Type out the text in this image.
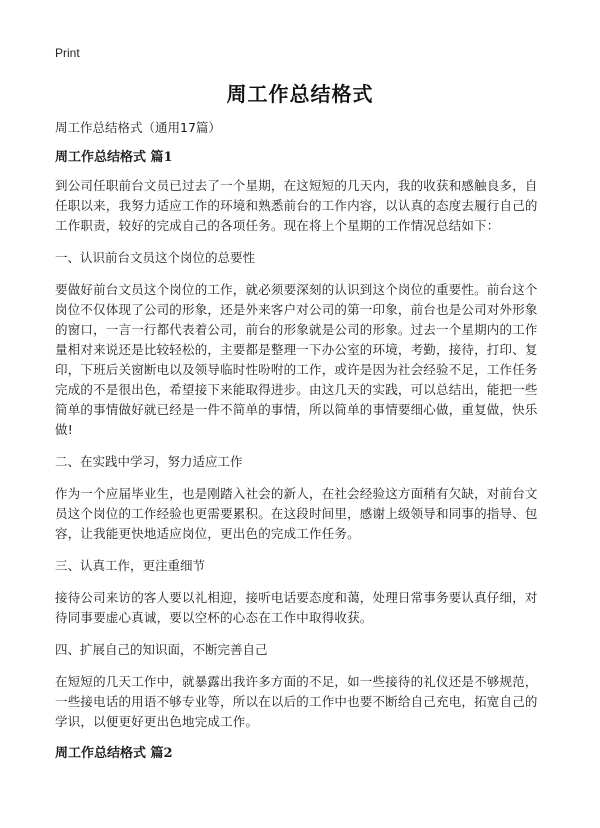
Print
周工作总结格式

周工作总结格式（通用17篇）

周工作总结格式 篇1

到公司任职前台文员已过去了一个星期，在这短短的几天内，我的收获和感触良多，自任职以来，我努力适应工作的环境和熟悉前台的工作内容，以认真的态度去履行自己的工作职责，较好的完成自己的各项任务。现在将上个星期的工作情况总结如下：

一、认识前台文员这个岗位的总要性

要做好前台文员这个岗位的工作，就必须要深刻的认识到这个岗位的重要性。前台这个岗位不仅体现了公司的形象，还是外来客户对公司的第一印象，前台也是公司对外形象的窗口，一言一行都代表着公司，前台的形象就是公司的形象。过去一个星期内的工作量相对来说还是比较轻松的，主要都是整理一下办公室的环境，考勤，接待，打印、复印，下班后关窗断电以及领导临时性吩咐的工作，或许是因为社会经验不足，工作任务完成的不是很出色，希望接下来能取得进步。由这几天的实践，可以总结出，能把一些简单的事情做好就已经是一件不简单的事情，所以简单的事情要细心做，重复做，快乐做!

二、在实践中学习，努力适应工作

作为一个应届毕业生，也是刚踏入社会的新人，在社会经验这方面稍有欠缺，对前台文员这个岗位的工作经验也更需要累积。在这段时间里，感谢上级领导和同事的指导、包容，让我能更快地适应岗位，更出色的完成工作任务。

三、认真工作，更注重细节

接待公司来访的客人要以礼相迎，接听电话要态度和蔼，处理日常事务要认真仔细，对待同事要虚心真诚，要以空杯的心态在工作中取得收获。

四、扩展自己的知识面，不断完善自己

在短短的几天工作中，就暴露出我许多方面的不足，如一些接待的礼仪还是不够规范，一些接电话的用语不够专业等，所以在以后的工作中也要不断给自己充电，拓宽自己的学识，以便更好更出色地完成工作。

周工作总结格式 篇2
